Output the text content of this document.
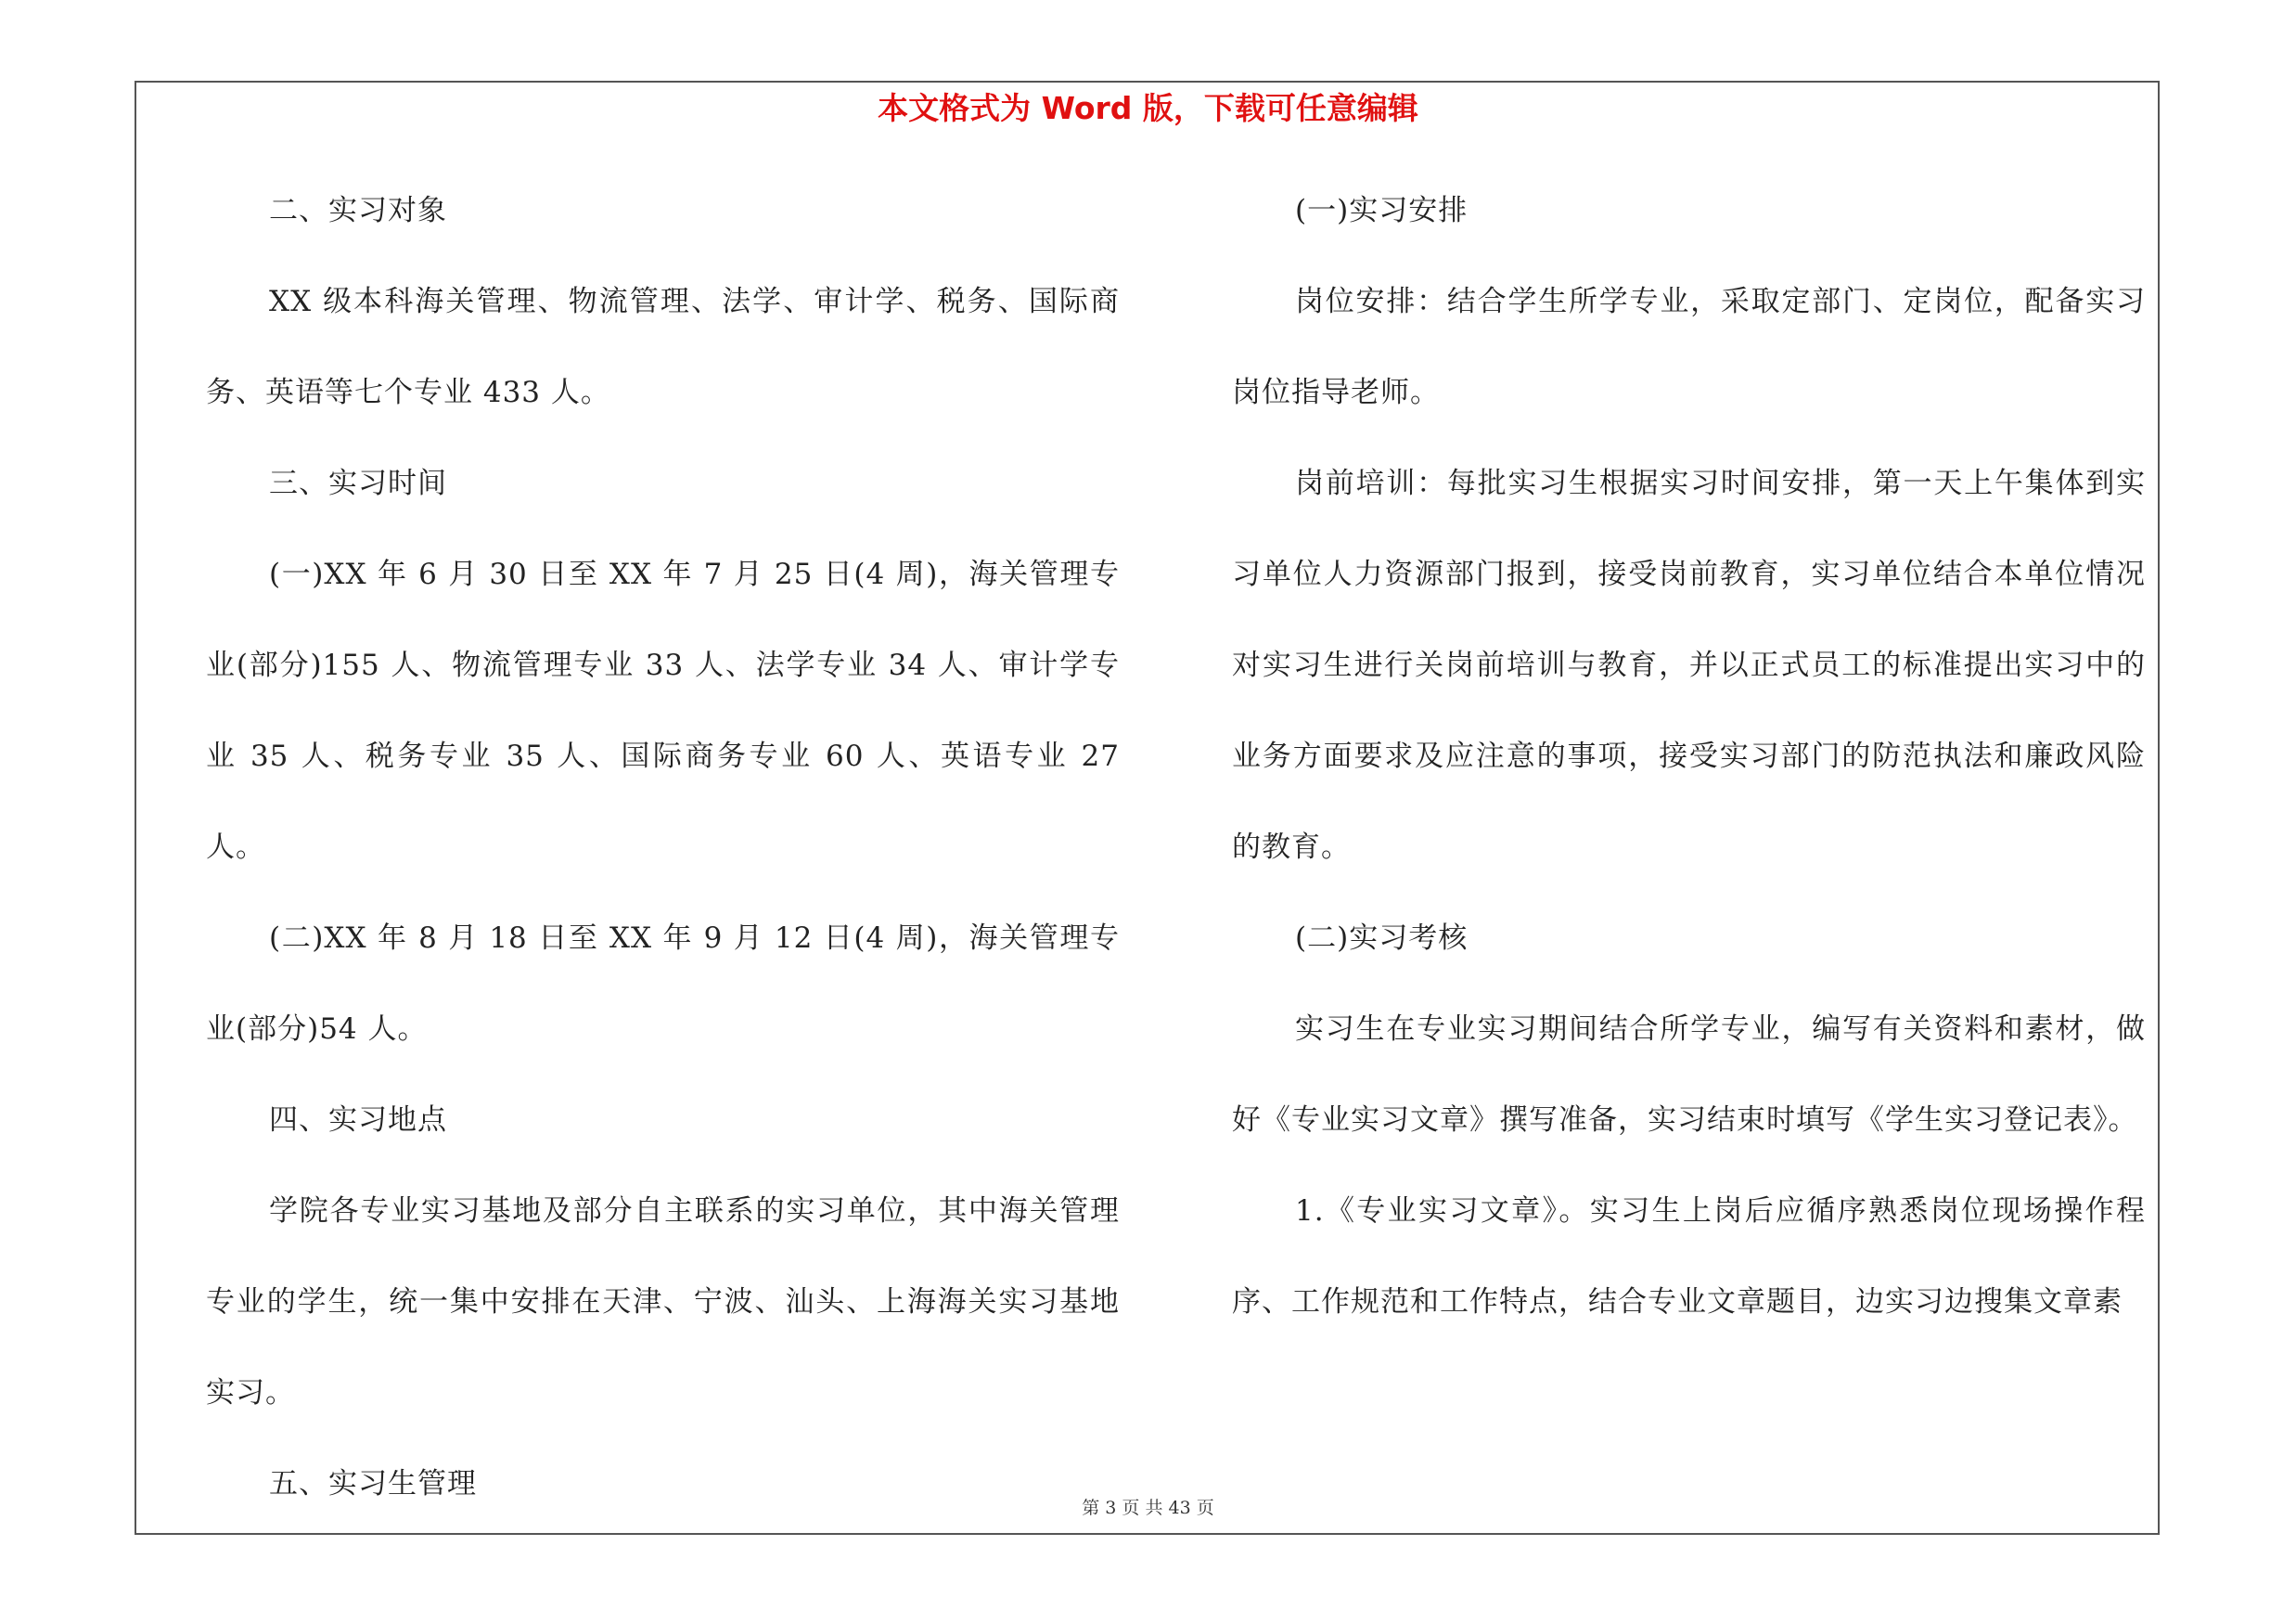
本文格式为 Word 版，下载可任意编辑

二、实习对象

XX 级本科海关管理、物流管理、法学、审计学、税务、国际商务、英语等七个专业 433 人。

三、实习时间

(一)XX 年 6 月 30 日至 XX 年 7 月 25 日(4 周)，海关管理专业(部分)155 人、物流管理专业 33 人、法学专业 34 人、审计学专业 35 人、税务专业 35 人、国际商务专业 60 人、英语专业 27 人。

(二)XX 年 8 月 18 日至 XX 年 9 月 12 日(4 周)，海关管理专业(部分)54 人。

四、实习地点

学院各专业实习基地及部分自主联系的实习单位，其中海关管理专业的学生，统一集中安排在天津、宁波、汕头、上海海关实习基地实习。

五、实习生管理

(一)实习安排

岗位安排：结合学生所学专业，采取定部门、定岗位，配备实习岗位指导老师。

岗前培训：每批实习生根据实习时间安排，第一天上午集体到实习单位人力资源部门报到，接受岗前教育，实习单位结合本单位情况对实习生进行关岗前培训与教育，并以正式员工的标准提出实习中的业务方面要求及应注意的事项，接受实习部门的防范执法和廉政风险的教育。

(二)实习考核

实习生在专业实习期间结合所学专业，编写有关资料和素材，做好《专业实习文章》撰写准备，实习结束时填写《学生实习登记表》。

1.《专业实习文章》。实习生上岗后应循序熟悉岗位现场操作程序、工作规范和工作特点，结合专业文章题目，边实习边搜集文章素

第 3 页 共 43 页
